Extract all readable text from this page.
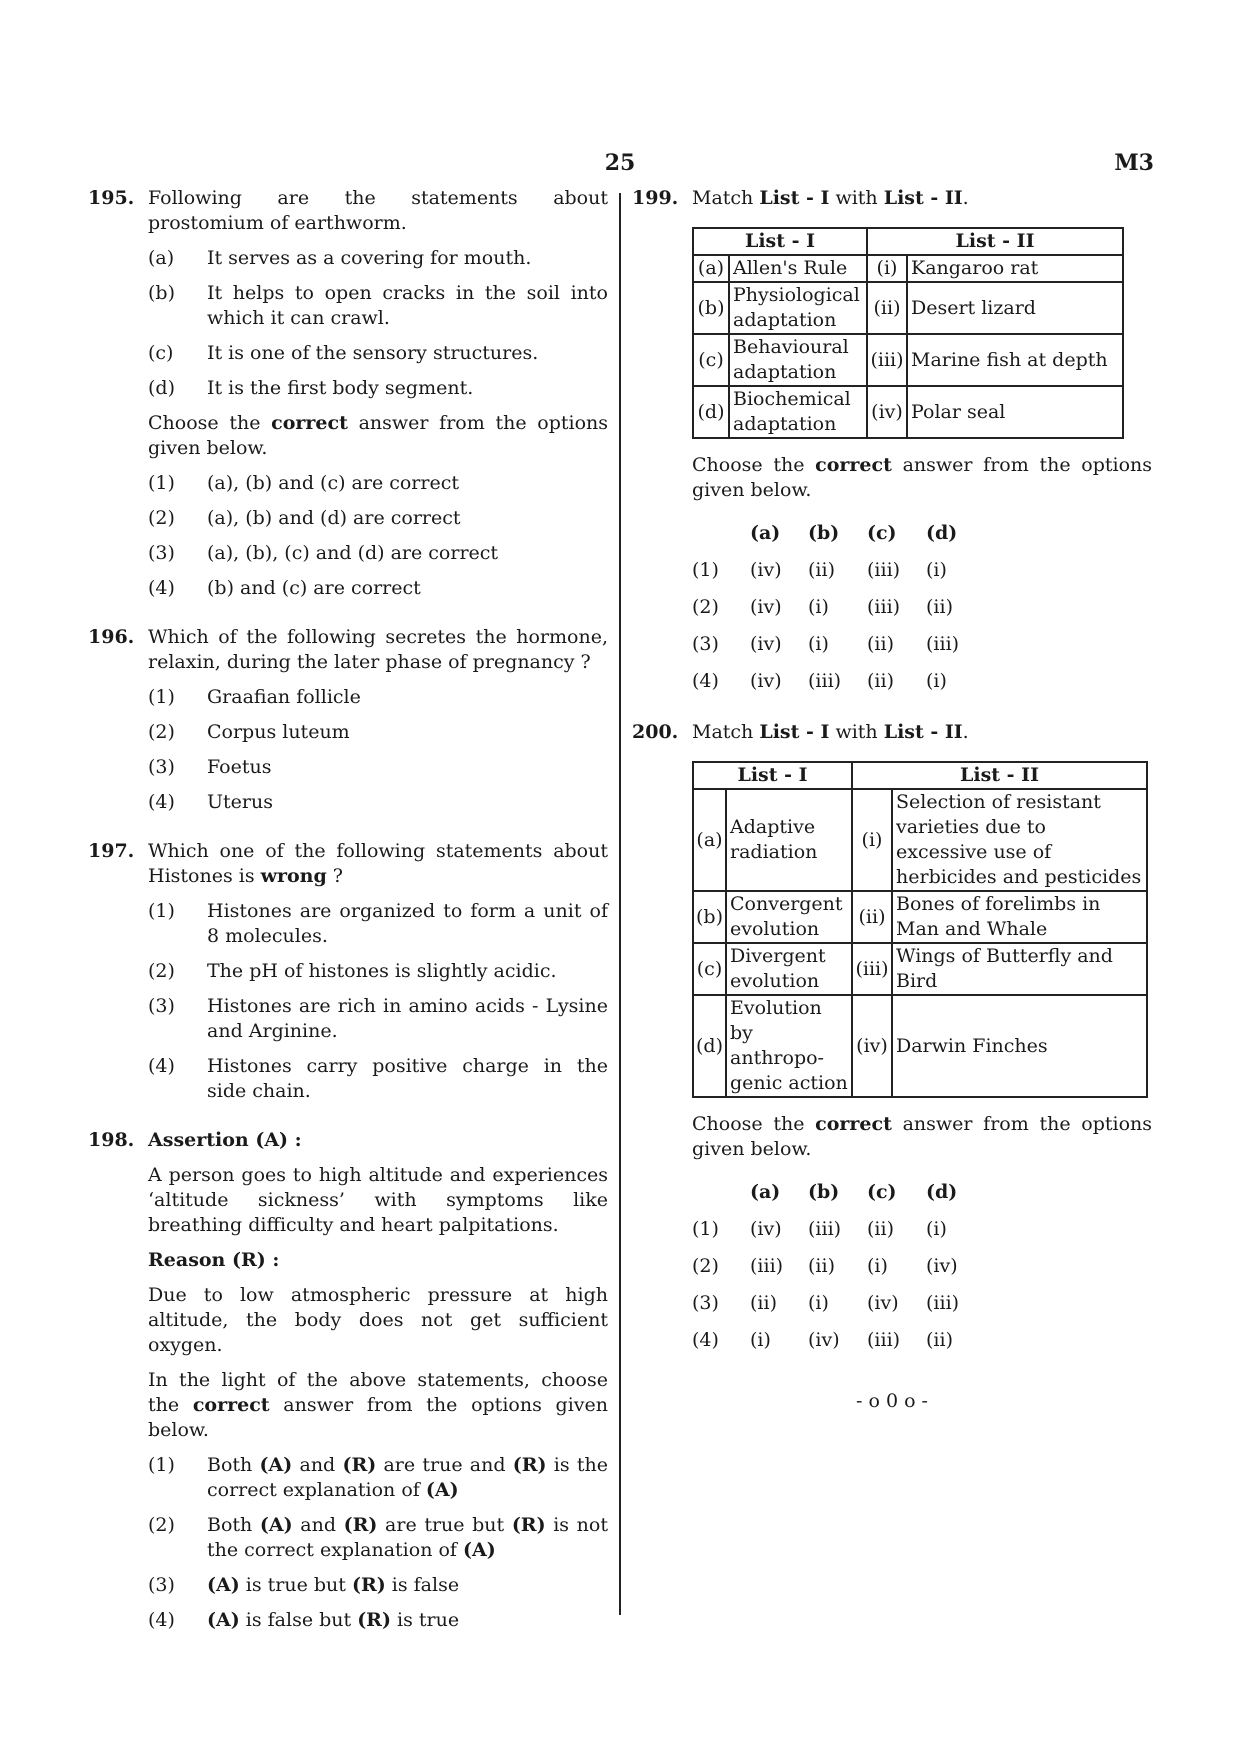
25	M3
195. Following are the statements about prostomium of earthworm.
(a)	It serves as a covering for mouth.
(b)	It helps to open cracks in the soil into which it can crawl.
(c)	It is one of the sensory structures.
(d)	It is the first body segment.
Choose the correct answer from the options given below.
(1)	(a), (b) and (c) are correct
(2)	(a), (b) and (d) are correct
(3)	(a), (b), (c) and (d) are correct
(4)	(b) and (c) are correct
196. Which of the following secretes the hormone, relaxin, during the later phase of pregnancy ?
(1)	Graafian follicle
(2)	Corpus luteum
(3)	Foetus
(4)	Uterus
197. Which one of the following statements about Histones is wrong ?
(1)	Histones are organized to form a unit of 8 molecules.
(2)	The pH of histones is slightly acidic.
(3)	Histones are rich in amino acids - Lysine and Arginine.
(4)	Histones carry positive charge in the side chain.
198. Assertion (A) :
A person goes to high altitude and experiences ‘altitude sickness’ with symptoms like breathing difficulty and heart palpitations.
Reason (R) :
Due to low atmospheric pressure at high altitude, the body does not get sufficient oxygen.
In the light of the above statements, choose the correct answer from the options given below.
(1)	Both (A) and (R) are true and (R) is the correct explanation of (A)
(2)	Both (A) and (R) are true but (R) is not the correct explanation of (A)
(3)	(A) is true but (R) is false
(4)	(A) is false but (R) is true
199. Match List - I with List - II.
List - I		List - II	
(a)	Allen's Rule	(i)	Kangaroo rat
(b)	Physiological adaptation	(ii)	Desert lizard
(c)	Behavioural adaptation	(iii)	Marine fish at depth
(d)	Biochemical adaptation	(iv)	Polar seal
Choose the correct answer from the options given below.
(a)	(b)	(c)	(d)
(1)	(iv)	(ii)	(iii)	(i)
(2)	(iv)	(i)	(iii)	(ii)
(3)	(iv)	(i)	(ii)	(iii)
(4)	(iv)	(iii)	(ii)	(i)
200. Match List - I with List - II.
List - I		List - II	
(a)	Adaptive radiation	(i)	Selection of resistant varieties due to excessive use of herbicides and pesticides
(b)	Convergent evolution	(ii)	Bones of forelimbs in Man and Whale
(c)	Divergent evolution	(iii)	Wings of Butterfly and Bird
(d)	Evolution by anthropo-genic action	(iv)	Darwin Finches
Choose the correct answer from the options given below.
(a)	(b)	(c)	(d)
(1)	(iv)	(iii)	(ii)	(i)
(2)	(iii)	(ii)	(i)	(iv)
(3)	(ii)	(i)	(iv)	(iii)
(4)	(i)	(iv)	(iii)	(ii)
- o 0 o -
